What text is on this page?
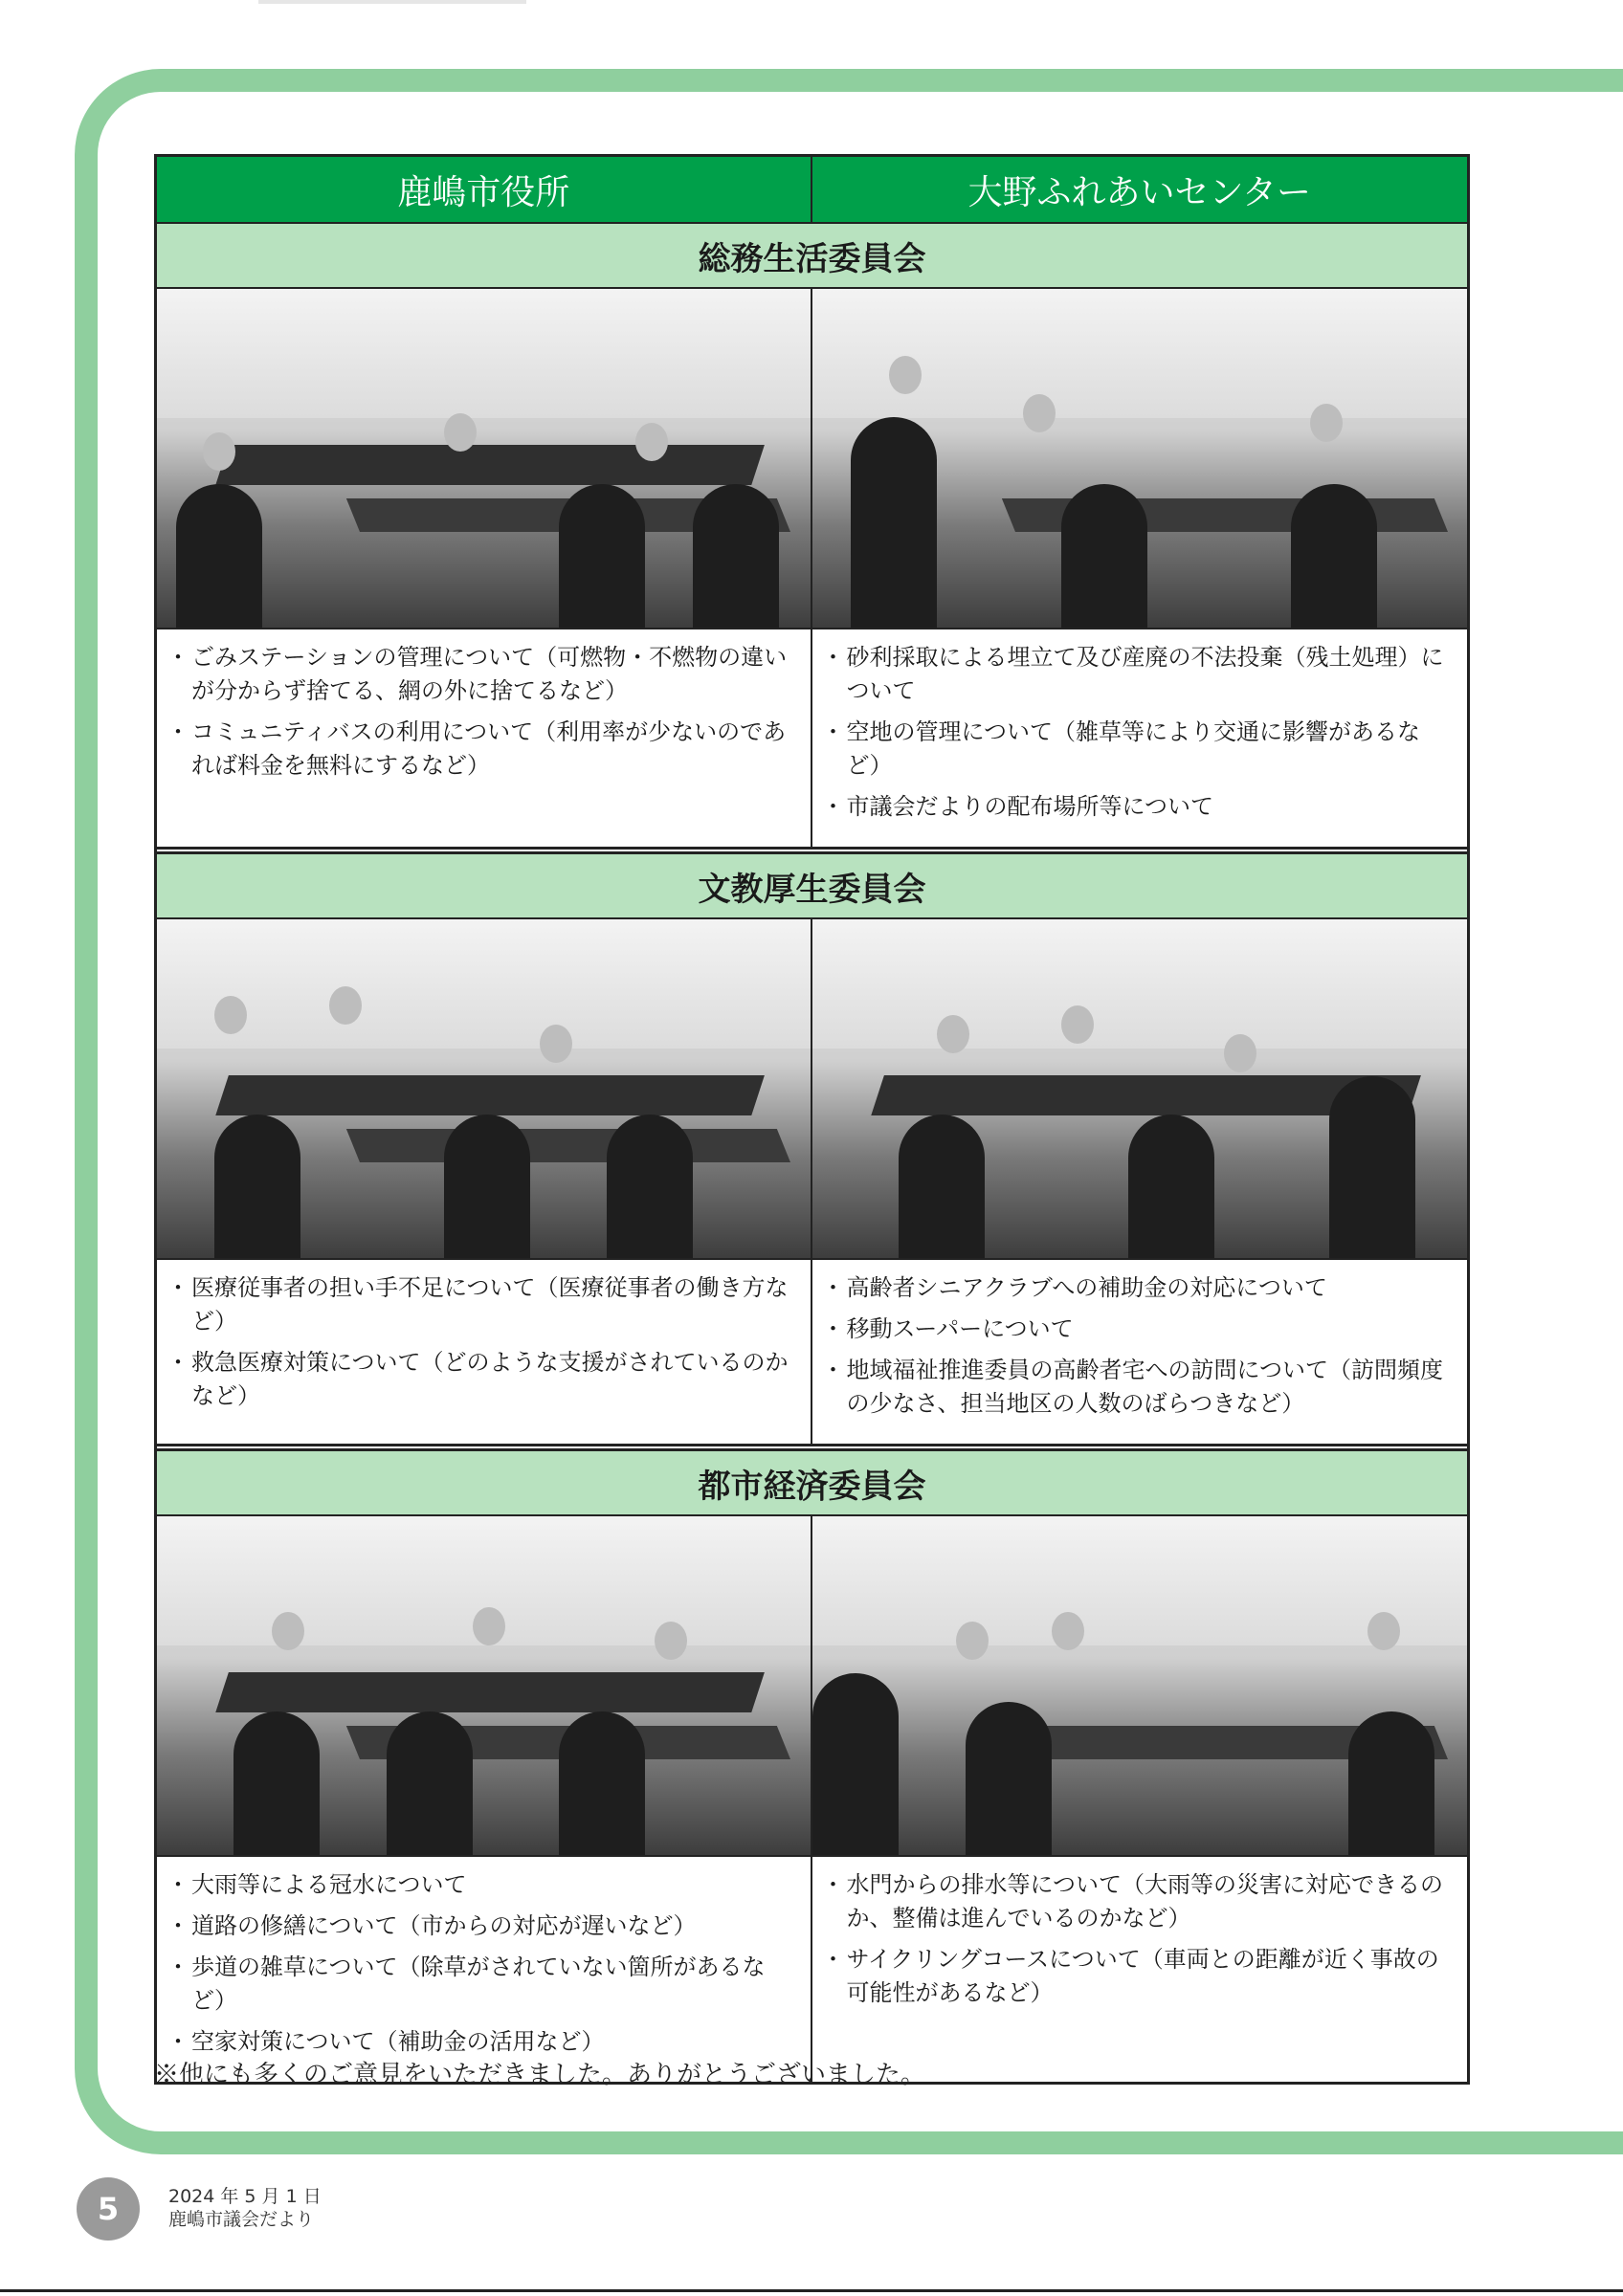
鹿嶋市役所	大野ふれあいセンター
総務生活委員会
・ ごみステーションの管理について（可燃物・不燃物の違いが分からず捨てる、網の外に捨てるなど）
・ コミュニティバスの利用について（利用率が少ないのであれば料金を無料にするなど）
・ 砂利採取による埋立て及び産廃の不法投棄（残土処理）について
・ 空地の管理について（雑草等により交通に影響があるなど）
・ 市議会だよりの配布場所等について
文教厚生委員会
・ 医療従事者の担い手不足について（医療従事者の働き方など）
・ 救急医療対策について（どのような支援がされているのかなど）
・ 高齢者シニアクラブへの補助金の対応について
・ 移動スーパーについて
・ 地域福祉推進委員の高齢者宅への訪問について（訪問頻度の少なさ、担当地区の人数のばらつきなど）
都市経済委員会
・ 大雨等による冠水について
・ 道路の修繕について（市からの対応が遅いなど）
・ 歩道の雑草について（除草がされていない箇所があるなど）
・ 空家対策について（補助金の活用など）
・ 水門からの排水等について（大雨等の災害に対応できるのか、整備は進んでいるのかなど）
・ サイクリングコースについて（車両との距離が近く事故の可能性があるなど）
※他にも多くのご意見をいただきました。ありがとうございました。
5	2024 年 5 月 1 日
鹿嶋市議会だより
